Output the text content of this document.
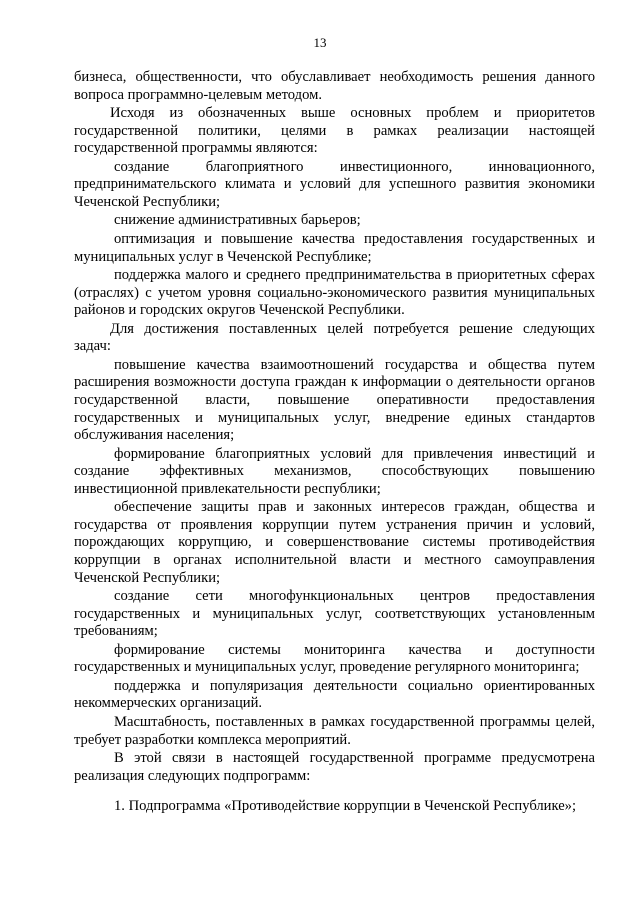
13

бизнеса, общественности, что обуславливает необходимость решения данного вопроса программно-целевым методом.

Исходя из обозначенных выше основных проблем и приоритетов государственной политики, целями в рамках реализации настоящей государственной программы являются:

создание благоприятного инвестиционного, инновационного, предпринимательского климата и условий для успешного развития экономики Чеченской Республики;

снижение административных барьеров;

оптимизация и повышение качества предоставления государственных и муниципальных услуг в Чеченской Республике;

поддержка малого и среднего предпринимательства в приоритетных сферах (отраслях) с учетом уровня социально-экономического развития муниципальных районов и городских округов Чеченской Республики.

Для достижения поставленных целей потребуется решение следующих задач:

повышение качества взаимоотношений государства и общества путем расширения возможности доступа граждан к информации о деятельности органов государственной власти, повышение оперативности предоставления государственных и муниципальных услуг, внедрение единых стандартов обслуживания населения;

формирование благоприятных условий для привлечения инвестиций и создание эффективных механизмов, способствующих повышению инвестиционной привлекательности республики;

обеспечение защиты прав и законных интересов граждан, общества и государства от проявления коррупции путем устранения причин и условий, порождающих коррупцию, и совершенствование системы противодействия коррупции в органах исполнительной власти и местного самоуправления Чеченской Республики;

создание сети многофункциональных центров предоставления государственных и муниципальных услуг, соответствующих установленным требованиям;

формирование системы мониторинга качества и доступности государственных и муниципальных услуг, проведение регулярного мониторинга;

поддержка и популяризация деятельности социально ориентированных некоммерческих организаций.

Масштабность, поставленных в рамках государственной программы целей, требует разработки комплекса мероприятий.

В этой связи в настоящей государственной программе предусмотрена реализация следующих подпрограмм:

1. Подпрограмма «Противодействие коррупции в Чеченской Республике»;
